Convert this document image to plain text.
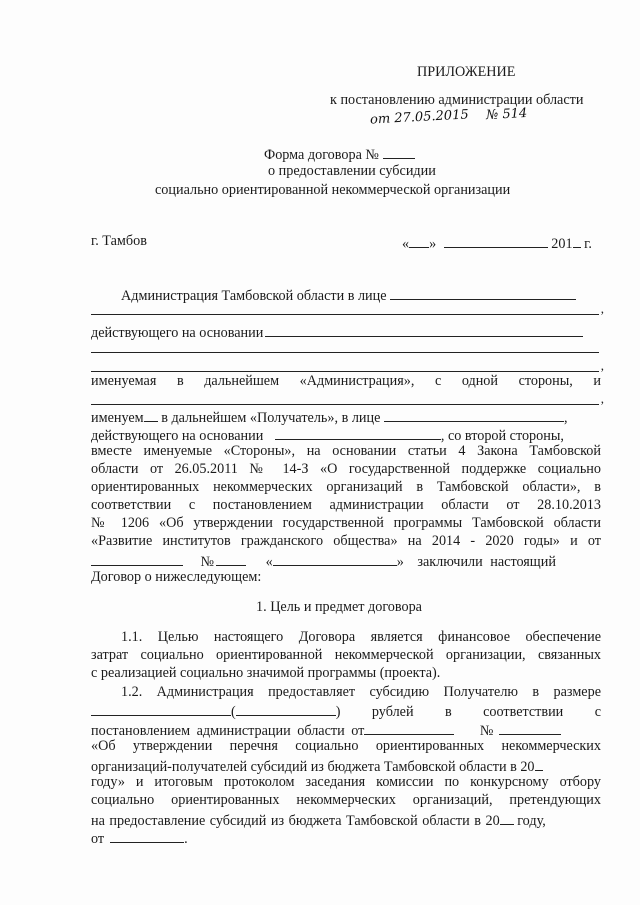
ПРИЛОЖЕНИЕ
к постановлению администрации области
от 27.05.2015 № 514
Форма договора №
о предоставлении субсидии
социально ориентированной некоммерческой организации
г. Тамбов	« »	201 г.
Администрация Тамбовской области в лице
,
действующего на основании
,
именуемая в дальнейшем «Администрация», с одной стороны, и
,
именуем в дальнейшем «Получатель», в лице	,
действующего на основании	, со второй стороны,
вместе именуемые «Стороны», на основании статьи 4 Закона Тамбовской
области от 26.05.2011 № 14-З «О государственной поддержке социально
ориентированных некоммерческих организаций в Тамбовской области», в
соответствии с постановлением администрации области от 28.10.2013
№ 1206 «Об утверждении государственной программы Тамбовской области
«Развитие институтов гражданского общества» на 2014 - 2020 годы» и от
№	«	» заключили настоящий
Договор о нижеследующем:
1. Цель и предмет договора
1.1. Целью настоящего Договора является финансовое обеспечение
затрат социально ориентированной некоммерческой организации, связанных
с реализацией социально значимой программы (проекта).
1.2. Администрация предоставляет субсидию Получателю в размере
(	) рублей в соответствии с
постановлением администрации области от	№
«Об утверждении перечня социально ориентированных некоммерческих
организаций-получателей субсидий из бюджета Тамбовской области в 20
году» и итоговым протоколом заседания комиссии по конкурсному отбору
социально ориентированных некоммерческих организаций, претендующих
на предоставление субсидий из бюджета Тамбовской области в 20 году,
от	.
